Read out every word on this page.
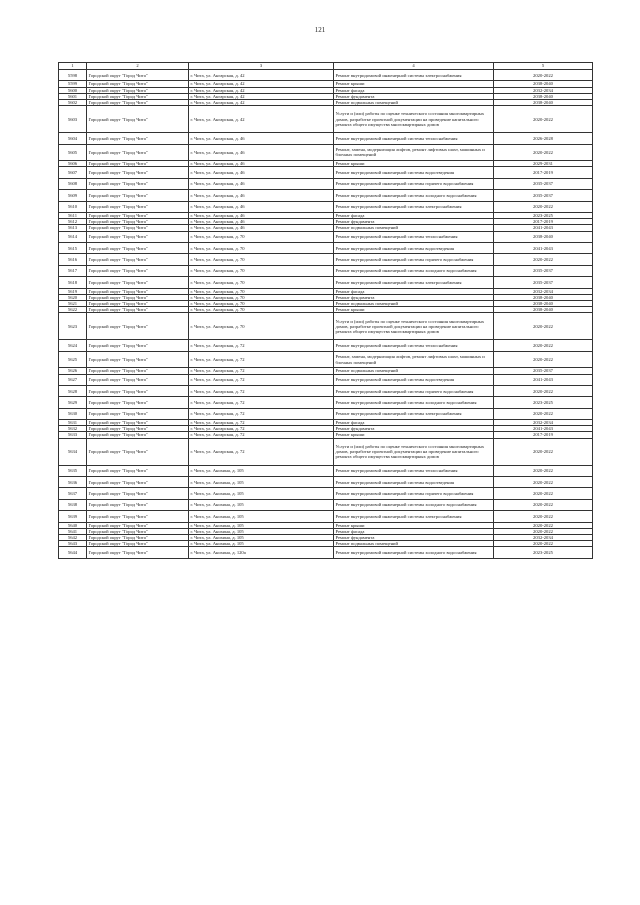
121
1	2	3	4	5
5598	Городской округ "Город Чита"	г. Чита, ул. Ангарская, д. 42	Ремонт внутридомовой инженерной системы электроснабжения	2020-2022
5599	Городской округ "Город Чита"	г. Чита, ул. Ангарская, д. 42	Ремонт крыши	2038-2040
5600	Городской округ "Город Чита"	г. Чита, ул. Ангарская, д. 42	Ремонт фасада	2032-2034
5601	Городской округ "Город Чита"	г. Чита, ул. Ангарская, д. 42	Ремонт фундамента	2038-2040
5602	Городской округ "Город Чита"	г. Чита, ул. Ангарская, д. 42	Ремонт подвальных помещений	2038-2040
5603	Городской округ "Город Чита"	г. Чита, ул. Ангарская, д. 42	Услуги и (или) работы по оценке технического состояния многоквартирных домов, разработке проектной документации на проведение капитального ремонта общего имущества многоквартирных домов	2020-2022
5604	Городской округ "Город Чита"	г. Чита, ул. Ангарская, д. 46	Ремонт внутридомовой инженерной системы теплоснабжения	2026-2028
5605	Городской округ "Город Чита"	г. Чита, ул. Ангарская, д. 46	Ремонт, замена, модернизация лифтов, ремонт лифтовых шахт, машинных и блочных помещений	2020-2022
5606	Городской округ "Город Чита"	г. Чита, ул. Ангарская, д. 46	Ремонт крыши	2029-2031
5607	Городской округ "Город Чита"	г. Чита, ул. Ангарская, д. 46	Ремонт внутридомовой инженерной системы водоотведения	2017-2019
5608	Городской округ "Город Чита"	г. Чита, ул. Ангарская, д. 46	Ремонт внутридомовой инженерной системы горячего водоснабжения	2035-2037
5609	Городской округ "Город Чита"	г. Чита, ул. Ангарская, д. 46	Ремонт внутридомовой инженерной системы холодного водоснабжения	2035-2037
5610	Городской округ "Город Чита"	г. Чита, ул. Ангарская, д. 46	Ремонт внутридомовой инженерной системы электроснабжения	2020-2022
5611	Городской округ "Город Чита"	г. Чита, ул. Ангарская, д. 46	Ремонт фасада	2023-2025
5612	Городской округ "Город Чита"	г. Чита, ул. Ангарская, д. 46	Ремонт фундамента	2017-2019
5613	Городской округ "Город Чита"	г. Чита, ул. Ангарская, д. 46	Ремонт подвальных помещений	2041-2043
5614	Городской округ "Город Чита"	г. Чита, ул. Ангарская, д. 70	Ремонт внутридомовой инженерной системы теплоснабжения	2038-2040
5615	Городской округ "Город Чита"	г. Чита, ул. Ангарская, д. 70	Ремонт внутридомовой инженерной системы водоотведения	2041-2043
5616	Городской округ "Город Чита"	г. Чита, ул. Ангарская, д. 70	Ремонт внутридомовой инженерной системы горячего водоснабжения	2020-2022
5617	Городской округ "Город Чита"	г. Чита, ул. Ангарская, д. 70	Ремонт внутридомовой инженерной системы холодного водоснабжения	2035-2037
5618	Городской округ "Город Чита"	г. Чита, ул. Ангарская, д. 70	Ремонт внутридомовой инженерной системы электроснабжения	2035-2037
5619	Городской округ "Город Чита"	г. Чита, ул. Ангарская, д. 70	Ремонт фасада	2032-2034
5620	Городской округ "Город Чита"	г. Чита, ул. Ангарская, д. 70	Ремонт фундамента	2038-2040
5621	Городской округ "Город Чита"	г. Чита, ул. Ангарская, д. 70	Ремонт подвальных помещений	2038-2040
5622	Городской округ "Город Чита"	г. Чита, ул. Ангарская, д. 70	Ремонт крыши	2038-2040
5623	Городской округ "Город Чита"	г. Чита, ул. Ангарская, д. 70	Услуги и (или) работы по оценке технического состояния многоквартирных домов, разработке проектной документации на проведение капитального ремонта общего имущества многоквартирных домов	2020-2022
5624	Городской округ "Город Чита"	г. Чита, ул. Ангарская, д. 72	Ремонт внутридомовой инженерной системы теплоснабжения	2020-2022
5625	Городской округ "Город Чита"	г. Чита, ул. Ангарская, д. 72	Ремонт, замена, модернизация лифтов, ремонт лифтовых шахт, машинных и блочных помещений	2020-2022
5626	Городской округ "Город Чита"	г. Чита, ул. Ангарская, д. 72	Ремонт подвальных помещений	2035-2037
5627	Городской округ "Город Чита"	г. Чита, ул. Ангарская, д. 72	Ремонт внутридомовой инженерной системы водоотведения	2041-2043
5628	Городской округ "Город Чита"	г. Чита, ул. Ангарская, д. 72	Ремонт внутридомовой инженерной системы горячего водоснабжения	2020-2022
5629	Городской округ "Город Чита"	г. Чита, ул. Ангарская, д. 72	Ремонт внутридомовой инженерной системы холодного водоснабжения	2023-2025
5630	Городской округ "Город Чита"	г. Чита, ул. Ангарская, д. 72	Ремонт внутридомовой инженерной системы электроснабжения	2020-2022
5631	Городской округ "Город Чита"	г. Чита, ул. Ангарская, д. 72	Ремонт фасада	2032-2034
5632	Городской округ "Город Чита"	г. Чита, ул. Ангарская, д. 72	Ремонт фундамента	2041-2043
5633	Городской округ "Город Чита"	г. Чита, ул. Ангарская, д. 72	Ремонт крыши	2017-2019
5634	Городской округ "Город Чита"	г. Чита, ул. Ангарская, д. 72	Услуги и (или) работы по оценке технического состояния многоквартирных домов, разработке проектной документации на проведение капитального ремонта общего имущества многоквартирных домов	2020-2022
5635	Городской округ "Город Чита"	г. Чита, ул. Анохина, д. 105	Ремонт внутридомовой инженерной системы теплоснабжения	2020-2022
5636	Городской округ "Город Чита"	г. Чита, ул. Анохина, д. 105	Ремонт внутридомовой инженерной системы водоотведения	2020-2022
5637	Городской округ "Город Чита"	г. Чита, ул. Анохина, д. 105	Ремонт внутридомовой инженерной системы горячего водоснабжения	2020-2022
5638	Городской округ "Город Чита"	г. Чита, ул. Анохина, д. 105	Ремонт внутридомовой инженерной системы холодного водоснабжения	2020-2022
5639	Городской округ "Город Чита"	г. Чита, ул. Анохина, д. 105	Ремонт внутридомовой инженерной системы электроснабжения	2020-2022
5640	Городской округ "Город Чита"	г. Чита, ул. Анохина, д. 105	Ремонт крыши	2020-2022
5641	Городской округ "Город Чита"	г. Чита, ул. Анохина, д. 105	Ремонт фасада	2020-2022
5642	Городской округ "Город Чита"	г. Чита, ул. Анохина, д. 105	Ремонт фундамента	2032-2034
5643	Городской округ "Город Чита"	г. Чита, ул. Анохина, д. 105	Ремонт подвальных помещений	2020-2022
5644	Городской округ "Город Чита"	г. Чита, ул. Анохина, д. 120а	Ремонт внутридомовой инженерной системы холодного водоснабжения	2023-2025
